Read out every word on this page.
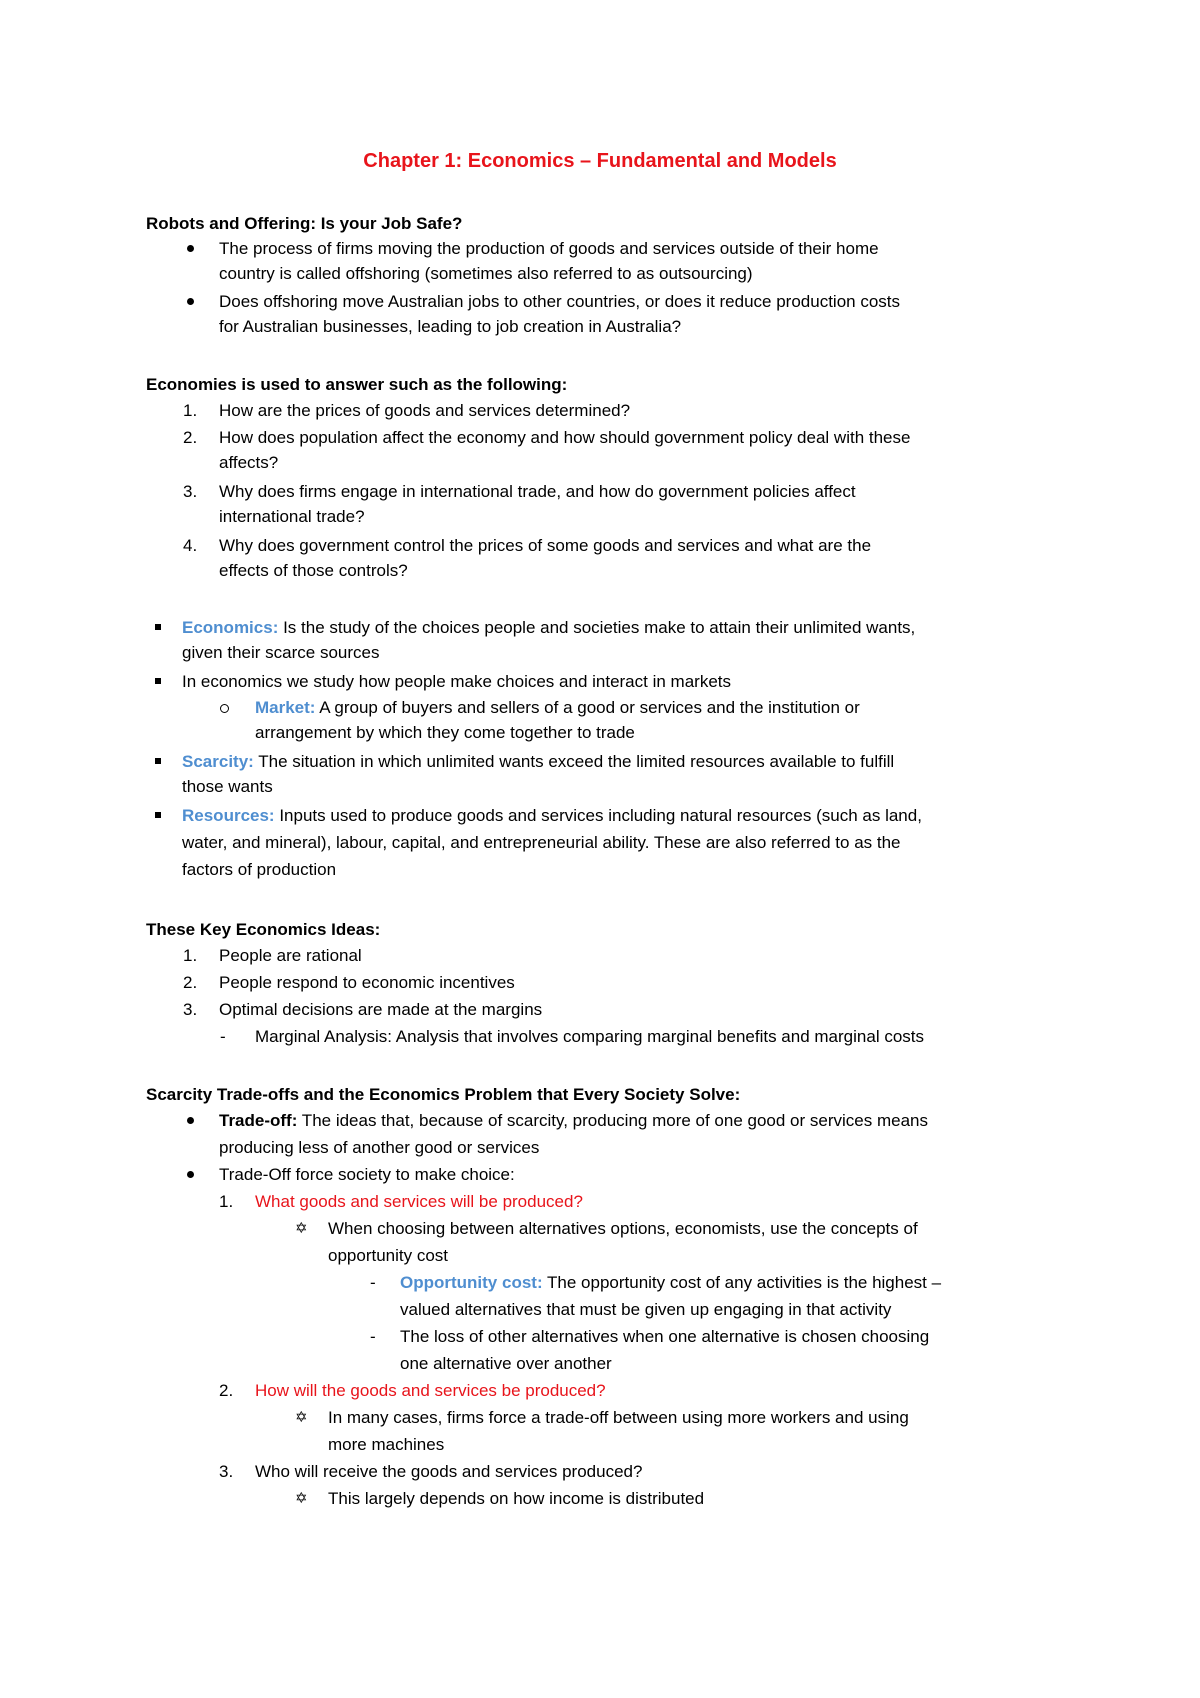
Chapter 1: Economics – Fundamental and Models
Robots and Offering: Is your Job Safe?
The process of firms moving the production of goods and services outside of their home
country is called offshoring (sometimes also referred to as outsourcing)
Does offshoring move Australian jobs to other countries, or does it reduce production costs
for Australian businesses, leading to job creation in Australia?
Economies is used to answer such as the following:
1. How are the prices of goods and services determined?
2. How does population affect the economy and how should government policy deal with these
affects?
3. Why does firms engage in international trade, and how do government policies affect
international trade?
4. Why does government control the prices of some goods and services and what are the
effects of those controls?
Economics: Is the study of the choices people and societies make to attain their unlimited wants,
given their scarce sources
In economics we study how people make choices and interact in markets
Market: A group of buyers and sellers of a good or services and the institution or
arrangement by which they come together to trade
Scarcity: The situation in which unlimited wants exceed the limited resources available to fulfill
those wants
Resources: Inputs used to produce goods and services including natural resources (such as land,
water, and mineral), labour, capital, and entrepreneurial ability. These are also referred to as the
factors of production
These Key Economics Ideas:
1. People are rational
2. People respond to economic incentives
3. Optimal decisions are made at the margins
- Marginal Analysis: Analysis that involves comparing marginal benefits and marginal costs
Scarcity Trade-offs and the Economics Problem that Every Society Solve:
Trade-off: The ideas that, because of scarcity, producing more of one good or services means
producing less of another good or services
Trade-Off force society to make choice:
1. What goods and services will be produced?
✡ When choosing between alternatives options, economists, use the concepts of
opportunity cost
- Opportunity cost: The opportunity cost of any activities is the highest –
valued alternatives that must be given up engaging in that activity
- The loss of other alternatives when one alternative is chosen choosing
one alternative over another
2. How will the goods and services be produced?
✡ In many cases, firms force a trade-off between using more workers and using
more machines
3. Who will receive the goods and services produced?
✡ This largely depends on how income is distributed
